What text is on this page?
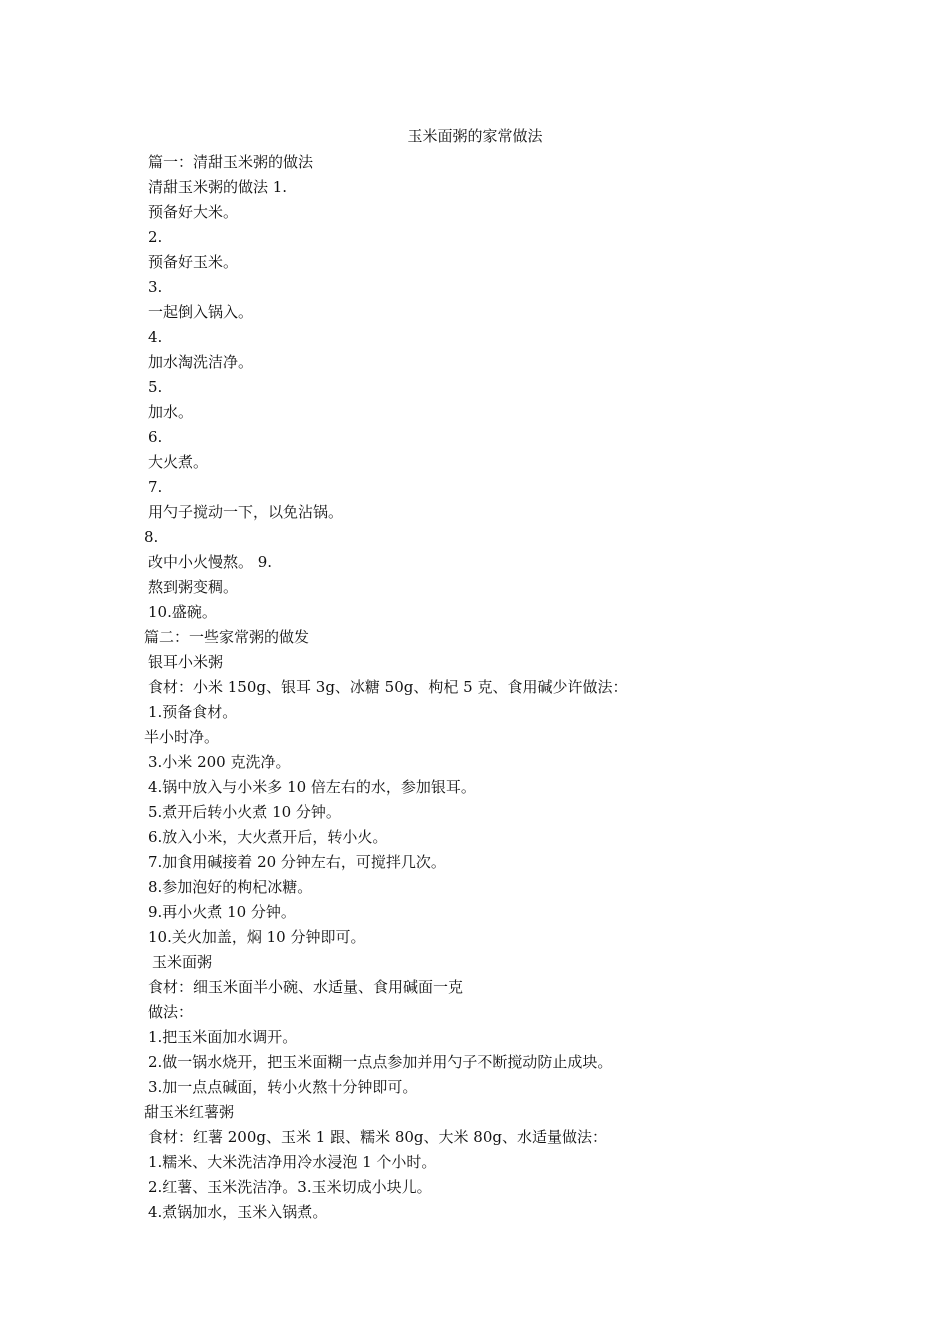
玉米面粥的家常做法
篇一：清甜玉米粥的做法
清甜玉米粥的做法 1.
预备好大米。
2.
预备好玉米。
3.
一起倒入锅入。
4.
加水淘洗洁净。
5.
加水。
6.
大火煮。
7.
用勺子搅动一下，以免沾锅。
8.
改中小火慢熬。 9.
熬到粥变稠。
10.盛碗。
篇二：一些家常粥的做发
银耳小米粥
食材：小米 150g、银耳 3g、冰糖 50g、枸杞 5 克、食用碱少许做法：
1.预备食材。
半小时净。
3.小米 200 克洗净。
4.锅中放入与小米多 10 倍左右的水，参加银耳。
5.煮开后转小火煮 10 分钟。
6.放入小米，大火煮开后，转小火。
7.加食用碱接着 20 分钟左右，可搅拌几次。
8.参加泡好的枸杞冰糖。
9.再小火煮 10 分钟。
10.关火加盖，焖 10 分钟即可。
玉米面粥
食材：细玉米面半小碗、水适量、食用碱面一克
做法：
1.把玉米面加水调开。
2.做一锅水烧开，把玉米面糊一点点参加并用勺子不断搅动防止成块。
3.加一点点碱面，转小火熬十分钟即可。
甜玉米红薯粥
食材：红薯 200g、玉米 1 跟、糯米 80g、大米 80g、水适量做法：
1.糯米、大米洗洁净用冷水浸泡 1 个小时。
2.红薯、玉米洗洁净。3.玉米切成小块儿。
4.煮锅加水，玉米入锅煮。
